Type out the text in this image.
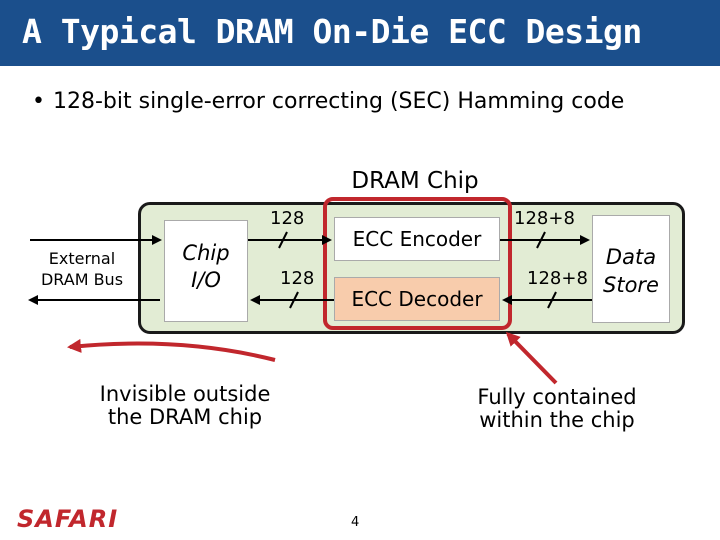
A Typical DRAM On-Die ECC Design
• 128-bit single-error correcting (SEC) Hamming code
DRAM Chip
Chip
I/O
ECC Encoder
ECC Decoder
Data
Store
External
DRAM Bus
128
128
128+8
128+8
Invisible outside
the DRAM chip
Fully contained
within the chip
SAFARI	4
